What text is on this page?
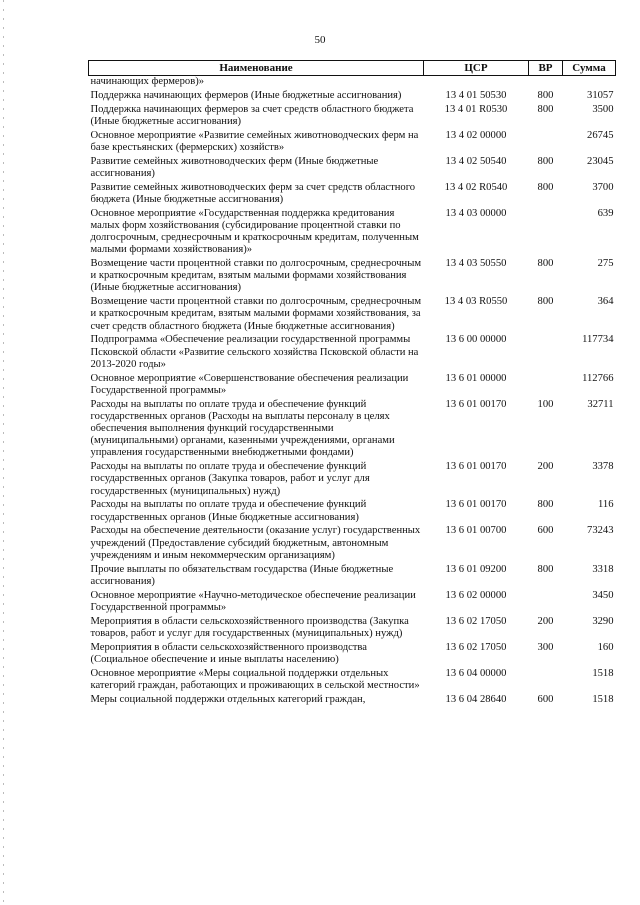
50
Наименование	ЦСР	ВР	Сумма
начинающих фермеров)»			
Поддержка начинающих фермеров (Иные бюджетные ассигнования)	13 4 01 50530	800	31057
Поддержка начинающих фермеров за счет средств областного бюджета (Иные бюджетные ассигнования)	13 4 01 R0530	800	3500
Основное мероприятие «Развитие семейных животноводческих ферм на базе крестьянских (фермерских) хозяйств»	13 4 02 00000		26745
Развитие семейных животноводческих ферм (Иные бюджетные ассигнования)	13 4 02 50540	800	23045
Развитие семейных животноводческих ферм за счет средств областного бюджета (Иные бюджетные ассигнования)	13 4 02 R0540	800	3700
Основное мероприятие «Государственная поддержка кредитования малых форм хозяйствования (субсидирование процентной ставки по долгосрочным, среднесрочным и краткосрочным кредитам, полученным малыми формами хозяйствования)»	13 4 03 00000		639
Возмещение части процентной ставки по долгосрочным, среднесрочным и краткосрочным кредитам, взятым малыми формами хозяйствования (Иные бюджетные ассигнования)	13 4 03 50550	800	275
Возмещение части процентной ставки по долгосрочным, среднесрочным и краткосрочным кредитам, взятым малыми формами хозяйствования, за счет средств областного бюджета (Иные бюджетные ассигнования)	13 4 03 R0550	800	364
Подпрограмма «Обеспечение реализации государственной программы Псковской области «Развитие сельского хозяйства Псковской области на 2013-2020 годы»	13 6 00 00000		117734
Основное мероприятие «Совершенствование обеспечения реализации Государственной программы»	13 6 01 00000		112766
Расходы на выплаты по оплате труда и обеспечение функций государственных органов (Расходы на выплаты персоналу в целях обеспечения выполнения функций государственными (муниципальными) органами, казенными учреждениями, органами управления государственными внебюджетными фондами)	13 6 01 00170	100	32711
Расходы на выплаты по оплате труда и обеспечение функций государственных органов (Закупка товаров, работ и услуг для государственных (муниципальных) нужд)	13 6 01 00170	200	3378
Расходы на выплаты по оплате труда и обеспечение функций государственных органов (Иные бюджетные ассигнования)	13 6 01 00170	800	116
Расходы на обеспечение деятельности (оказание услуг) государственных учреждений (Предоставление субсидий бюджетным, автономным учреждениям и иным некоммерческим организациям)	13 6 01 00700	600	73243
Прочие выплаты по обязательствам государства (Иные бюджетные ассигнования)	13 6 01 09200	800	3318
Основное мероприятие «Научно-методическое обеспечение реализации Государственной программы»	13 6 02 00000		3450
Мероприятия в области сельскохозяйственного производства (Закупка товаров, работ и услуг для государственных (муниципальных) нужд)	13 6 02 17050	200	3290
Мероприятия в области сельскохозяйственного производства (Социальное обеспечение и иные выплаты населению)	13 6 02 17050	300	160
Основное мероприятие «Меры социальной поддержки отдельных категорий граждан, работающих и проживающих в сельской местности»	13 6 04 00000		1518
Меры социальной поддержки отдельных категорий граждан,	13 6 04 28640	600	1518
